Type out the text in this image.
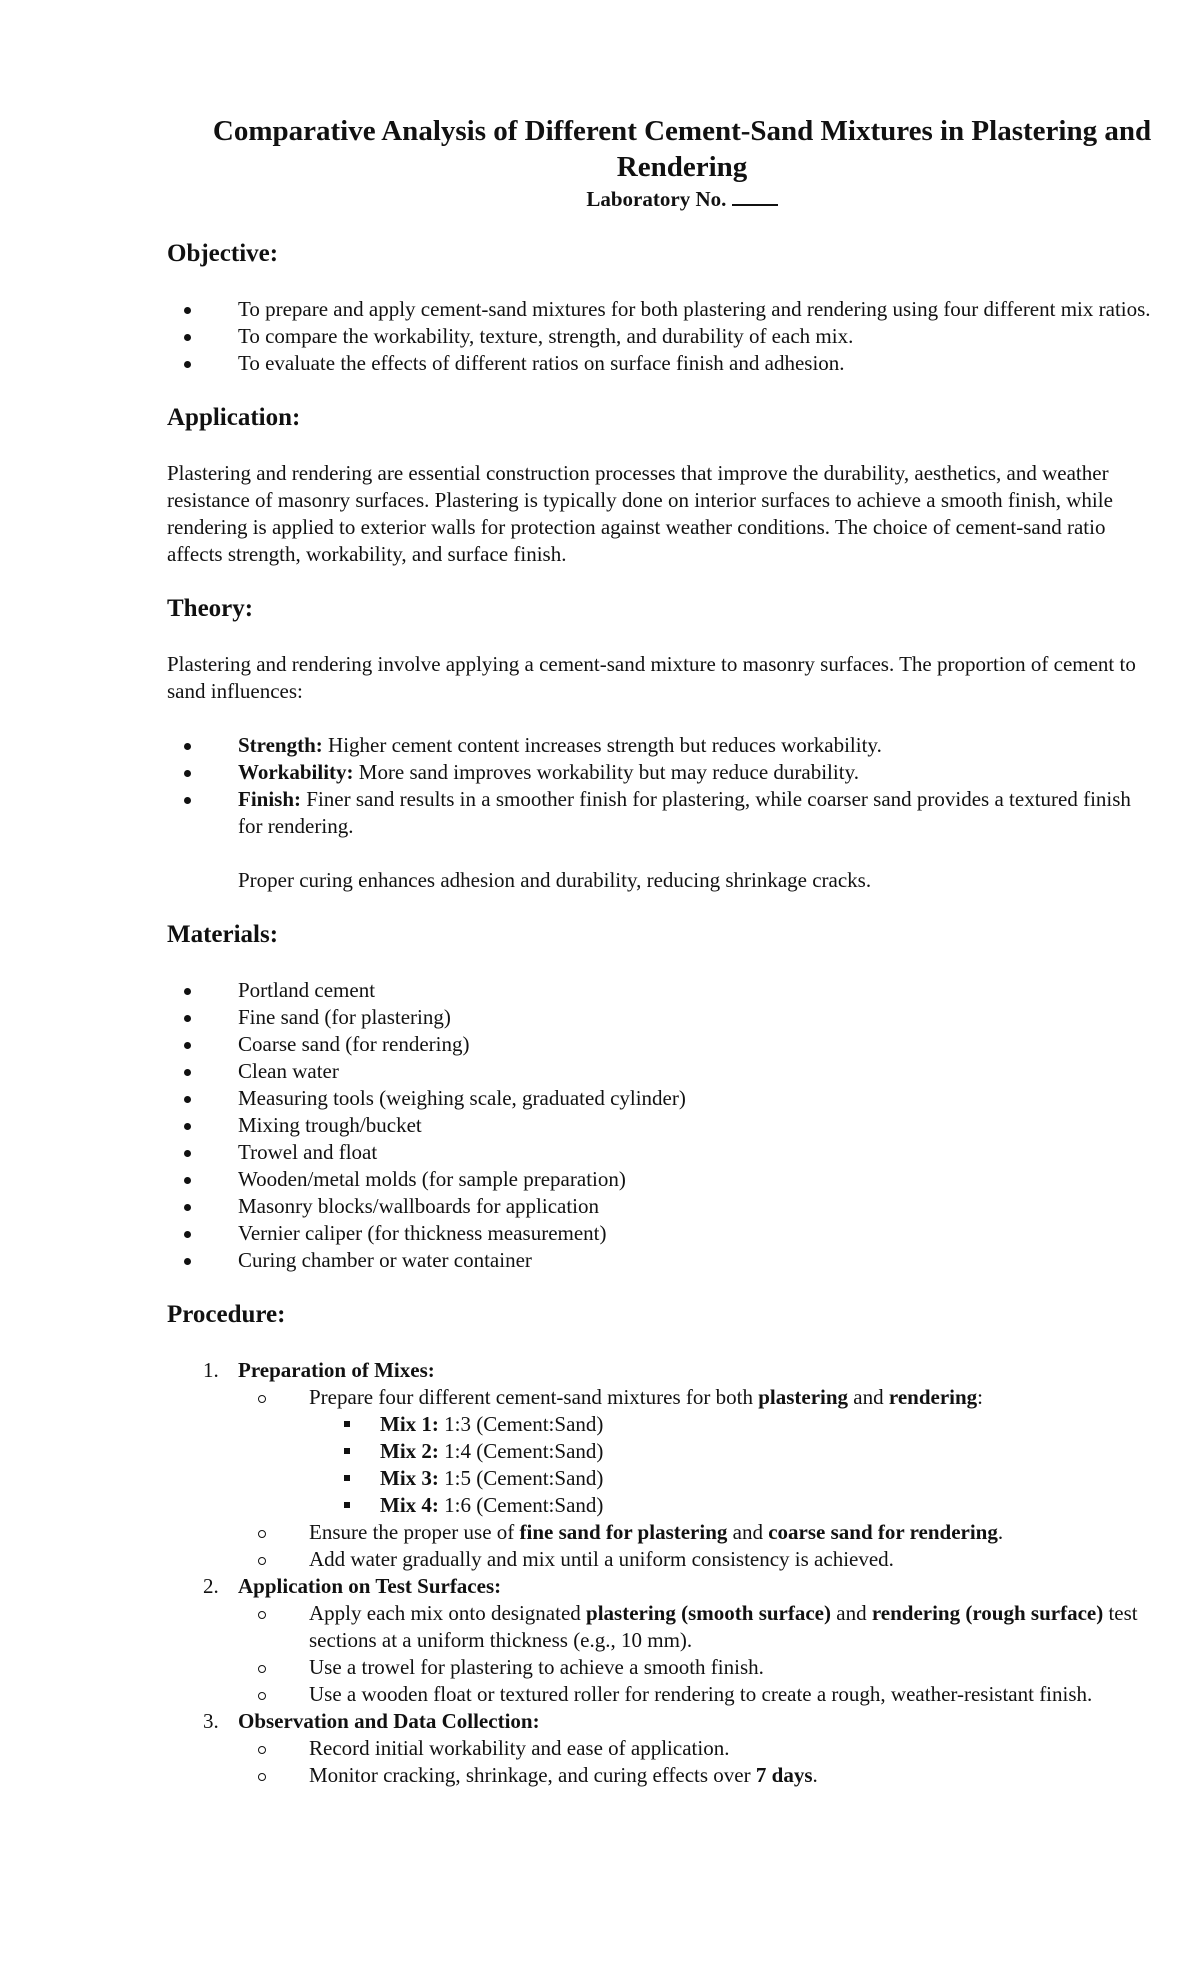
Comparative Analysis of Different Cement-Sand Mixtures in Plastering and Rendering
Laboratory No.
Objective:
To prepare and apply cement-sand mixtures for both plastering and rendering using four different mix ratios.
To compare the workability, texture, strength, and durability of each mix.
To evaluate the effects of different ratios on surface finish and adhesion.
Application:

Plastering and rendering are essential construction processes that improve the durability, aesthetics, and weather resistance of masonry surfaces. Plastering is typically done on interior surfaces to achieve a smooth finish, while rendering is applied to exterior walls for protection against weather conditions. The choice of cement-sand ratio affects strength, workability, and surface finish.

Theory:

Plastering and rendering involve applying a cement-sand mixture to masonry surfaces. The proportion of cement to sand influences:

Strength: Higher cement content increases strength but reduces workability.
Workability: More sand improves workability but may reduce durability.
Finish: Finer sand results in a smoother finish for plastering, while coarser sand provides a textured finish for rendering.

Proper curing enhances adhesion and durability, reducing shrinkage cracks.

Materials:
Portland cement
Fine sand (for plastering)
Coarse sand (for rendering)
Clean water
Measuring tools (weighing scale, graduated cylinder)
Mixing trough/bucket
Trowel and float
Wooden/metal molds (for sample preparation)
Masonry blocks/wallboards for application
Vernier caliper (for thickness measurement)
Curing chamber or water container
Procedure:
1. Preparation of Mixes:
Prepare four different cement-sand mixtures for both plastering and rendering:
Mix 1: 1:3 (Cement:Sand)
Mix 2: 1:4 (Cement:Sand)
Mix 3: 1:5 (Cement:Sand)
Mix 4: 1:6 (Cement:Sand)
Ensure the proper use of fine sand for plastering and coarse sand for rendering.
Add water gradually and mix until a uniform consistency is achieved.
2. Application on Test Surfaces:
Apply each mix onto designated plastering (smooth surface) and rendering (rough surface) test sections at a uniform thickness (e.g., 10 mm).
Use a trowel for plastering to achieve a smooth finish.
Use a wooden float or textured roller for rendering to create a rough, weather-resistant finish.
3. Observation and Data Collection:
Record initial workability and ease of application.
Monitor cracking, shrinkage, and curing effects over 7 days.
